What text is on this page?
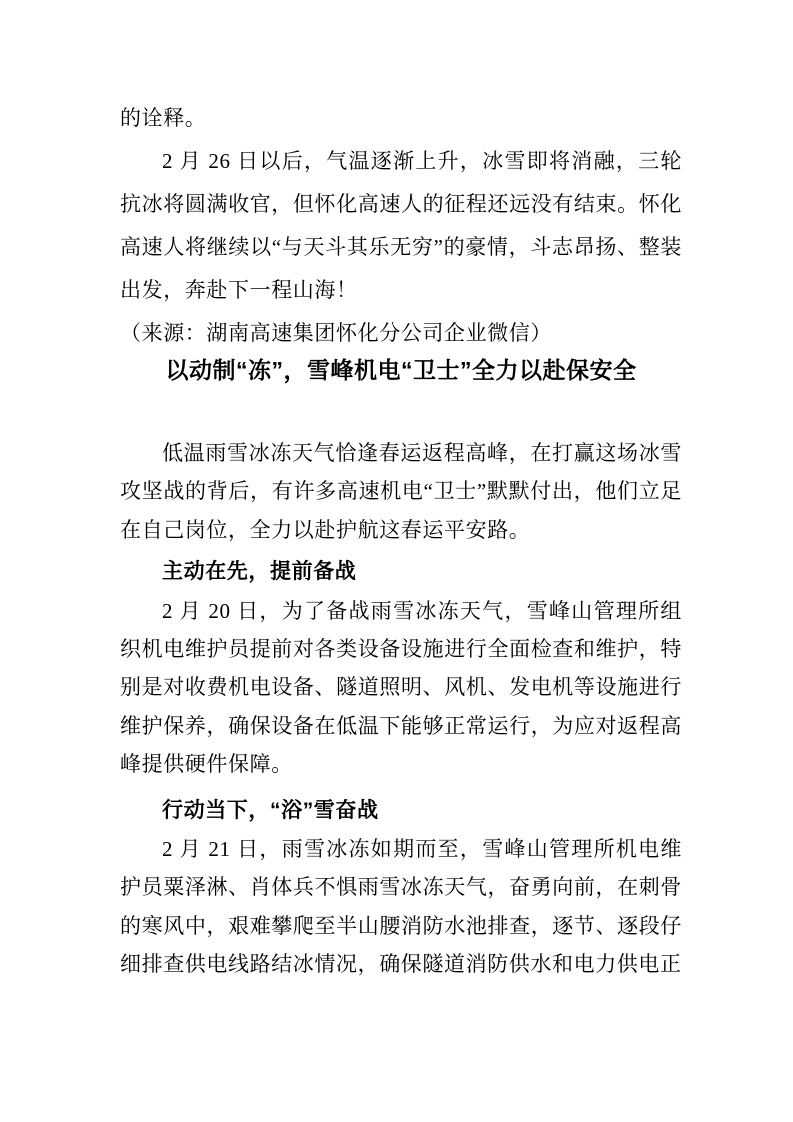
的诠释。

2 月 26 日以后，气温逐渐上升，冰雪即将消融，三轮抗冰将圆满收官，但怀化高速人的征程还远没有结束。怀化高速人将继续以“与天斗其乐无穷”的豪情，斗志昂扬、整装出发，奔赴下一程山海！

（来源：湖南高速集团怀化分公司企业微信）

以动制“冻”，雪峰机电“卫士”全力以赴保安全

低温雨雪冰冻天气恰逢春运返程高峰，在打赢这场冰雪攻坚战的背后，有许多高速机电“卫士”默默付出，他们立足在自己岗位，全力以赴护航这春运平安路。

主动在先，提前备战

2 月 20 日，为了备战雨雪冰冻天气，雪峰山管理所组织机电维护员提前对各类设备设施进行全面检查和维护，特别是对收费机电设备、隧道照明、风机、发电机等设施进行维护保养，确保设备在低温下能够正常运行，为应对返程高峰提供硬件保障。

行动当下，“浴”雪奋战

2 月 21 日，雨雪冰冻如期而至，雪峰山管理所机电维护员粟泽淋、肖体兵不惧雨雪冰冻天气，奋勇向前，在刺骨的寒风中，艰难攀爬至半山腰消防水池排查，逐节、逐段仔细排查供电线路结冰情况，确保隧道消防供水和电力供电正
